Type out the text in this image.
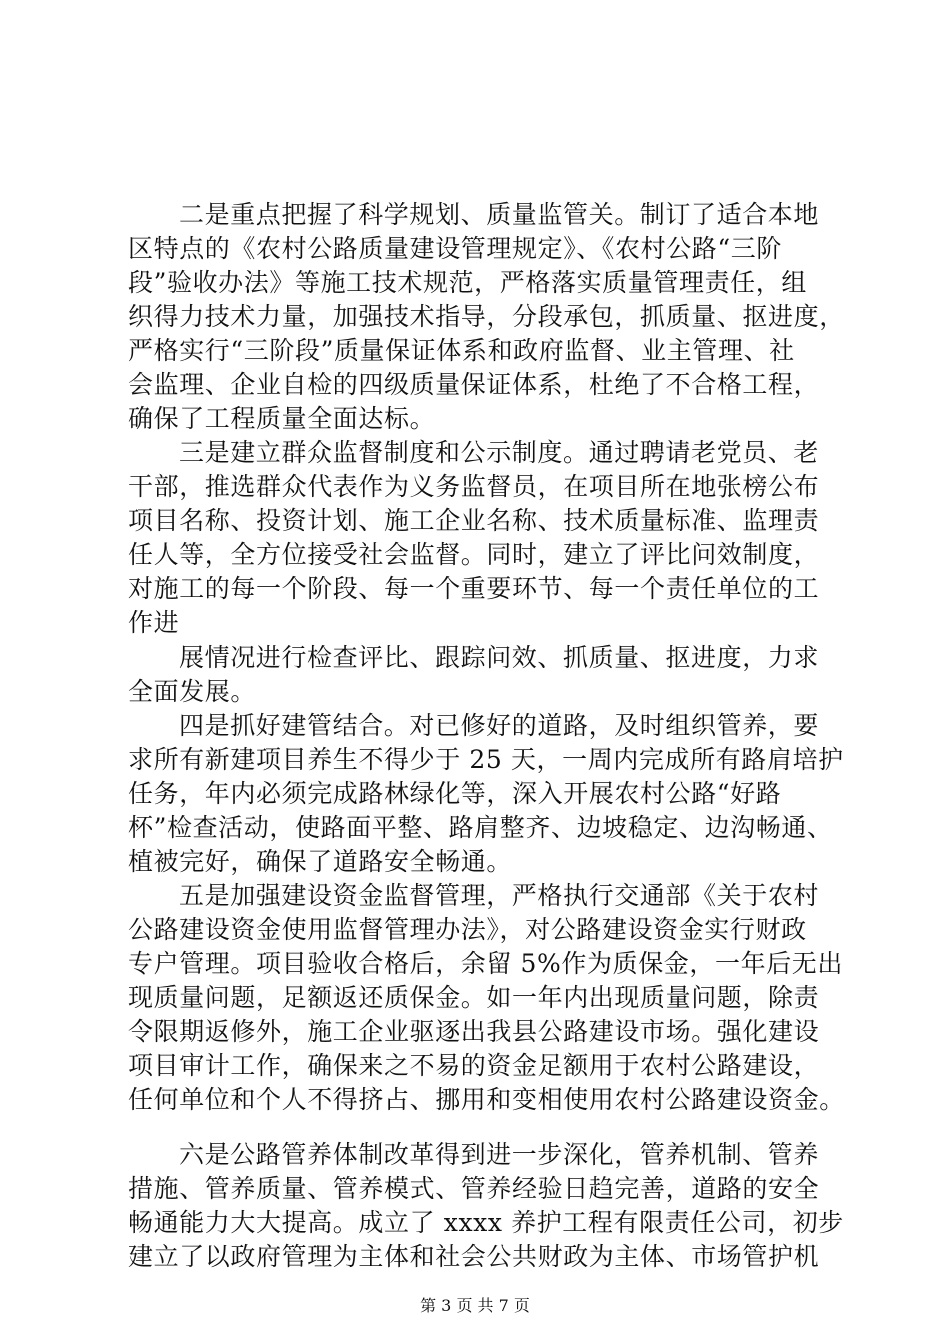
二是重点把握了科学规划、质量监管关。制订了适合本地
区特点的《农村公路质量建设管理规定》、《农村公路“三阶
段”验收办法》等施工技术规范，严格落实质量管理责任，组
织得力技术力量，加强技术指导，分段承包，抓质量、抠进度，
严格实行“三阶段”质量保证体系和政府监督、业主管理、社
会监理、企业自检的四级质量保证体系，杜绝了不合格工程，
确保了工程质量全面达标。
三是建立群众监督制度和公示制度。通过聘请老党员、老
干部，推选群众代表作为义务监督员，在项目所在地张榜公布
项目名称、投资计划、施工企业名称、技术质量标准、监理责
任人等，全方位接受社会监督。同时，建立了评比问效制度，
对施工的每一个阶段、每一个重要环节、每一个责任单位的工
作进
展情况进行检查评比、跟踪问效、抓质量、抠进度，力求
全面发展。
四是抓好建管结合。对已修好的道路，及时组织管养，要
求所有新建项目养生不得少于 25 天，一周内完成所有路肩培护
任务，年内必须完成路林绿化等，深入开展农村公路“好路
杯”检查活动，使路面平整、路肩整齐、边坡稳定、边沟畅通、
植被完好，确保了道路安全畅通。
五是加强建设资金监督管理，严格执行交通部《关于农村
公路建设资金使用监督管理办法》，对公路建设资金实行财政
专户管理。项目验收合格后，余留 5%作为质保金，一年后无出
现质量问题，足额返还质保金。如一年内出现质量问题，除责
令限期返修外，施工企业驱逐出我县公路建设市场。强化建设
项目审计工作，确保来之不易的资金足额用于农村公路建设，
任何单位和个人不得挤占、挪用和变相使用农村公路建设资金。
六是公路管养体制改革得到进一步深化，管养机制、管养
措施、管养质量、管养模式、管养经验日趋完善，道路的安全
畅通能力大大提高。成立了 xxxx 养护工程有限责任公司，初步
建立了以政府管理为主体和社会公共财政为主体、市场管护机
第 3 页 共 7 页
